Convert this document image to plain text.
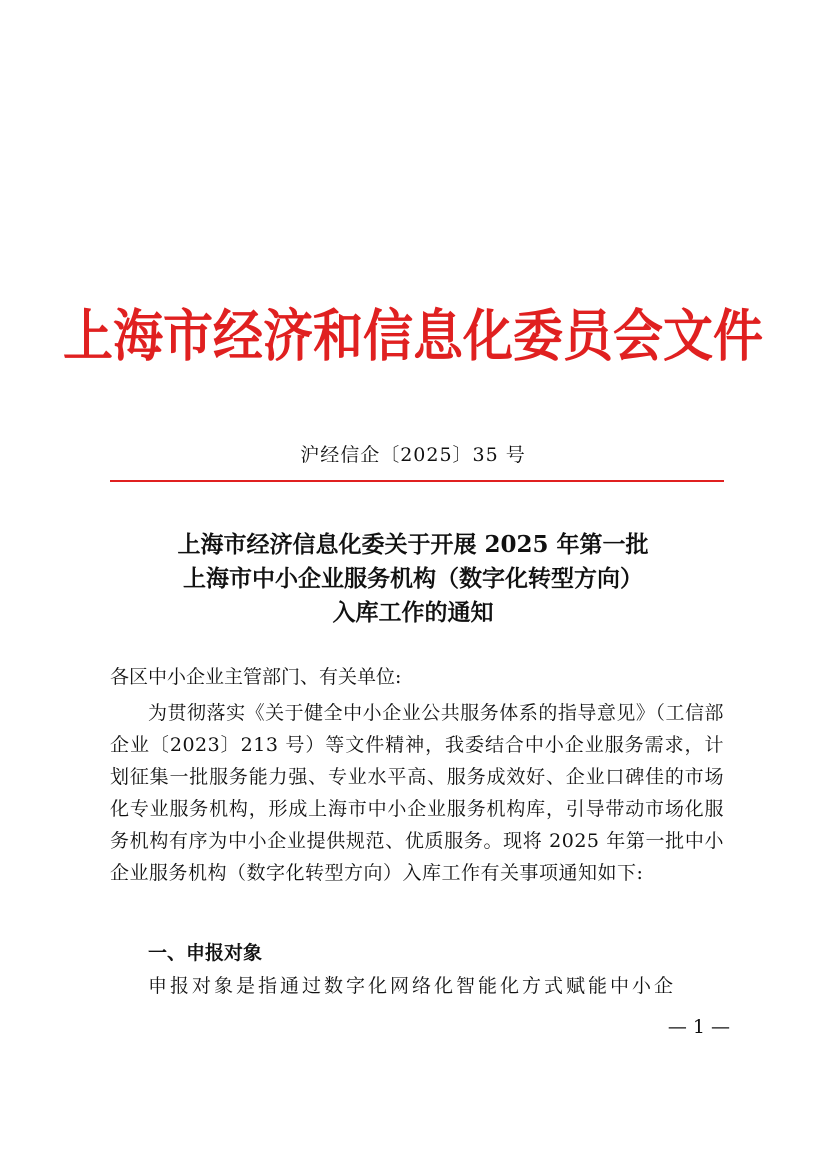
上海市经济和信息化委员会文件
沪经信企〔2025〕35 号
上海市经济信息化委关于开展 2025 年第一批
上海市中小企业服务机构（数字化转型方向）
入库工作的通知
各区中小企业主管部门、有关单位:
为贯彻落实《关于健全中小企业公共服务体系的指导意见》（工信部企业〔2023〕213 号）等文件精神，我委结合中小企业服务需求，计划征集一批服务能力强、专业水平高、服务成效好、企业口碑佳的市场化专业服务机构，形成上海市中小企业服务机构库，引导带动市场化服务机构有序为中小企业提供规范、优质服务。现将 2025 年第一批中小企业服务机构（数字化转型方向）入库工作有关事项通知如下:
一、申报对象
申报对象是指通过数字化网络化智能化方式赋能中小企
— 1 —
